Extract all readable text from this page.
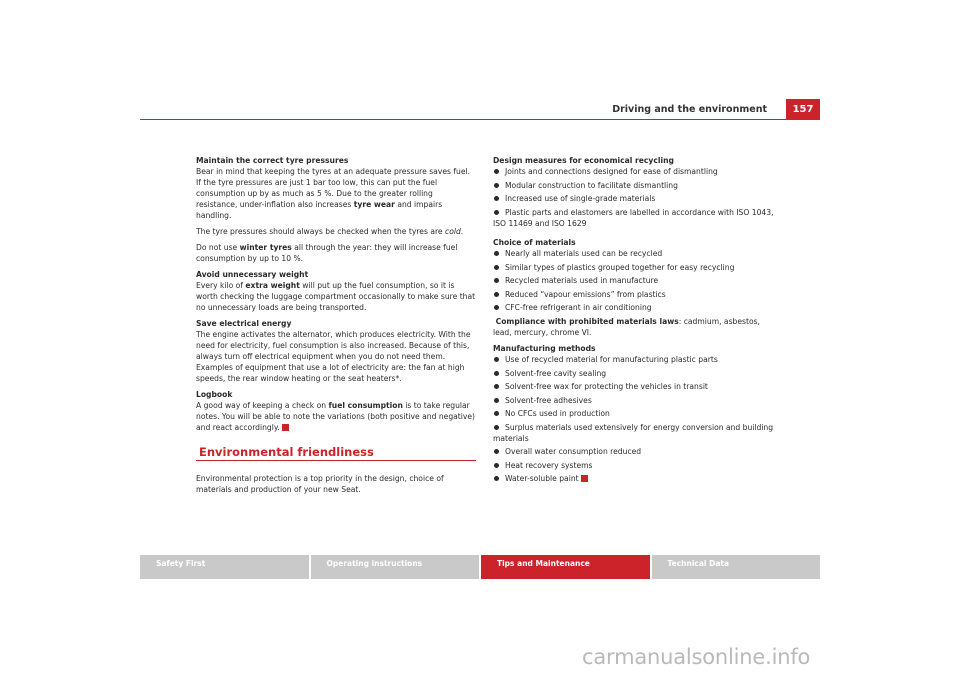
Driving and the environment	157
Maintain the correct tyre pressures

Bear in mind that keeping the tyres at an adequate pressure saves fuel. If the tyre pressures are just 1 bar too low, this can put the fuel consumption up by as much as 5 %. Due to the greater rolling resistance, under-inflation also increases tyre wear and impairs handling.

The tyre pressures should always be checked when the tyres are cold.

Do not use winter tyres all through the year: they will increase fuel consumption by up to 10 %.

Avoid unnecessary weight

Every kilo of extra weight will put up the fuel consumption, so it is worth checking the luggage compartment occasionally to make sure that no unnecessary loads are being transported.

Save electrical energy

The engine activates the alternator, which produces electricity. With the need for electricity, fuel consumption is also increased. Because of this, always turn off electrical equipment when you do not need them. Examples of equipment that use a lot of electricity are: the fan at high speeds, the rear window heating or the seat heaters*.

Logbook

A good way of keeping a check on fuel consumption is to take regular notes. You will be able to note the variations (both positive and negative) and react accordingly.

Environmental friendliness

Environmental protection is a top priority in the design, choice of materials and production of your new Seat.

Design measures for economical recycling
Joints and connections designed for ease of dismantling
Modular construction to facilitate dismantling
Increased use of single-grade materials
Plastic parts and elastomers are labelled in accordance with ISO 1043, ISO 11469 and ISO 1629
Choice of materials
Nearly all materials used can be recycled
Similar types of plastics grouped together for easy recycling
Recycled materials used in manufacture
Reduced “vapour emissions” from plastics
CFC-free refrigerant in air conditioning

Compliance with prohibited materials laws: cadmium, asbestos, lead, mercury, chrome VI.

Manufacturing methods
Use of recycled material for manufacturing plastic parts
Solvent-free cavity sealing
Solvent-free wax for protecting the vehicles in transit
Solvent-free adhesives
No CFCs used in production
Surplus materials used extensively for energy conversion and building materials
Overall water consumption reduced
Heat recovery systems
Water-soluble paint
Safety First	Operating instructions	Tips and Maintenance	Technical Data
carmanualsonline.info
